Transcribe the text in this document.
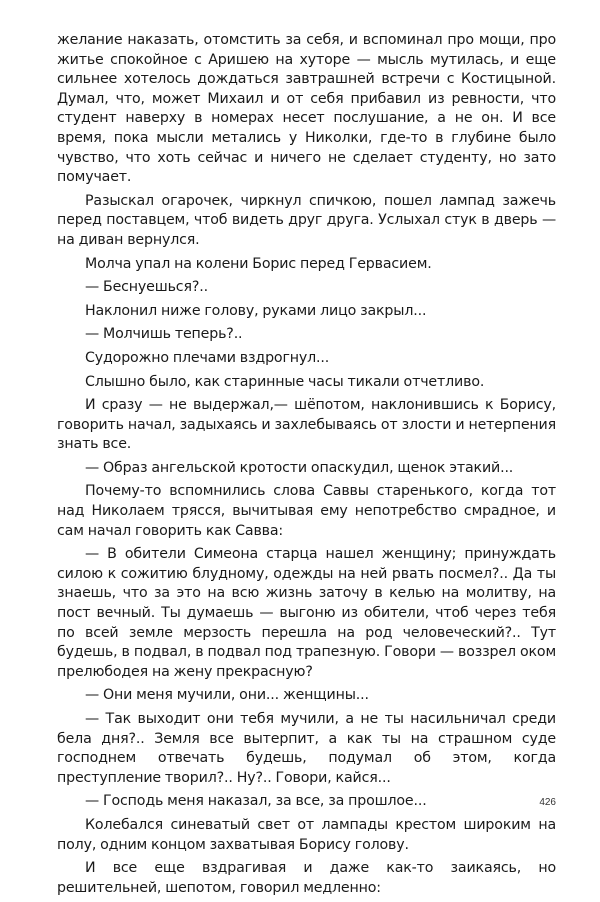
желание наказать, отомстить за себя, и вспоминал про мощи, про житье спокойное с Аришею на хуторе — мысль мутилась, и еще сильнее хотелось дождаться завтрашней встречи с Костицыной. Думал, что, может Михаил и от себя прибавил из ревности, что студент наверху в номерах несет послушание, а не он. И все время, пока мысли метались у Николки, где-то в глубине было чувство, что хоть сейчас и ничего не сделает студенту, но зато помучает.

Разыскал огарочек, чиркнул спичкою, пошел лампад зажечь перед поставцем, чтоб видеть друг друга. Услыхал стук в дверь — на диван вернулся.

Молча упал на колени Борис перед Гервасием.

— Беснуешься?..

Наклонил ниже голову, руками лицо закрыл...

— Молчишь теперь?..

Судорожно плечами вздрогнул...

Слышно было, как старинные часы тикали отчетливо.

И сразу — не выдержал,— шёпотом, наклонившись к Борису, говорить начал, задыхаясь и захлебываясь от злости и нетерпения знать все.

— Образ ангельской кротости опаскудил, щенок этакий...

Почему-то вспомнились слова Саввы старенького, когда тот над Николаем трясся, вычитывая ему непотребство смрадное, и сам начал говорить как Савва:

— В обители Симеона старца нашел женщину; принуждать силою к сожитию блудному, одежды на ней рвать посмел?.. Да ты знаешь, что за это на всю жизнь заточу в келью на молитву, на пост вечный. Ты думаешь — выгоню из обители, чтоб через тебя по всей земле мерзость перешла на род человеческий?.. Тут будешь, в подвал, в подвал под трапезную. Говори — воззрел оком прелюбодея на жену прекрасную?

— Они меня мучили, они... женщины...

— Так выходит они тебя мучили, а не ты насильничал среди бела дня?.. Земля все вытерпит, а как ты на страшном суде господнем отвечать будешь, подумал об этом, когда преступление творил?.. Ну?.. Говори, кайся...

— Господь меня наказал, за все, за прошлое...

Колебался синеватый свет от лампады крестом широким на полу, одним концом захватывая Борису голову.

И все еще вздрагивая и даже как-то заикаясь, но решительней, шепотом, говорил медленно:

426
